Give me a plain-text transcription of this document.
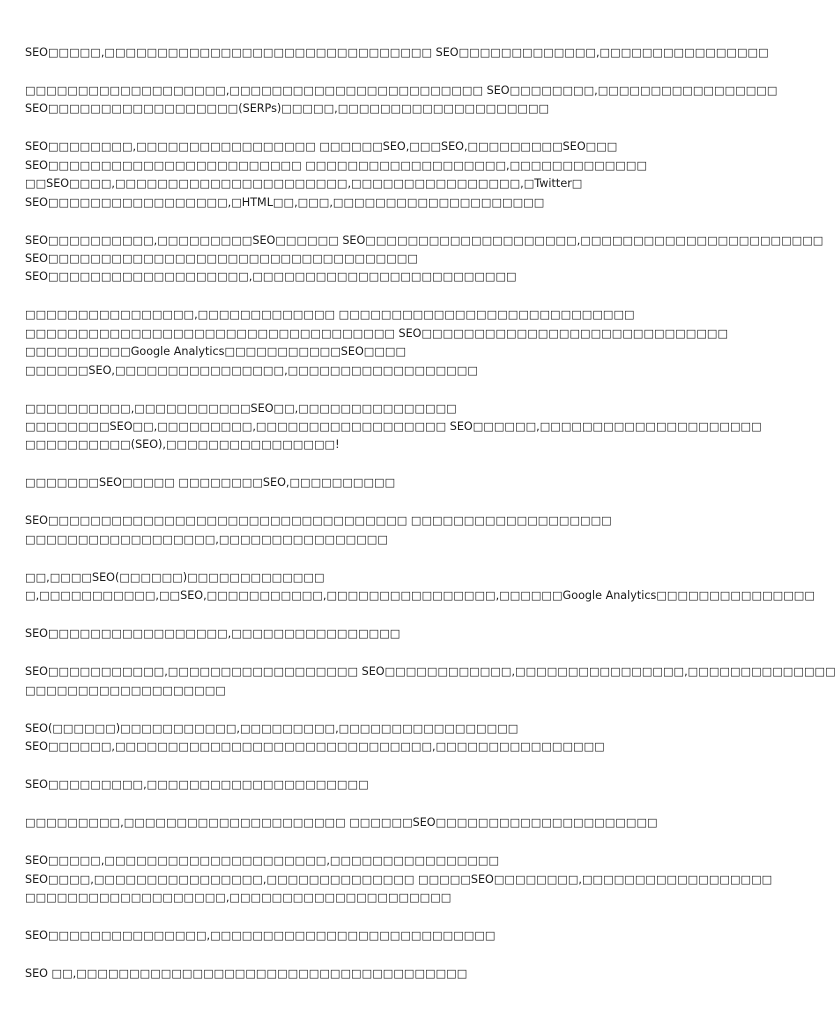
SEO□□□□□,□□□□□□□□□□□□□□□□□□□□□□□□□□□□□□□ SEO□□□□□□□□□□□□□,□□□□□□□□□□□□□□□□

□□□□□□□□□□□□□□□□□□□,□□□□□□□□□□□□□□□□□□□□□□□□ SEO□□□□□□□□,□□□□□□□□□□□□□□□□□
SEO□□□□□□□□□□□□□□□□□□(SERPs)□□□□□,□□□□□□□□□□□□□□□□□□□□

SEO□□□□□□□□,□□□□□□□□□□□□□□□□□ □□□□□□SEO,□□□SEO,□□□□□□□□□SEO□□□
SEO□□□□□□□□□□□□□□□□□□□□□□□□ □□□□□□□□□□□□□□□□□□□,□□□□□□□□□□□□□
□□SEO□□□□,□□□□□□□□□□□□□□□□□□□□□□,□□□□□□□□□□□□□□□□,□Twitter□
SEO□□□□□□□□□□□□□□□□□,□HTML□□,□□□,□□□□□□□□□□□□□□□□□□□□

SEO□□□□□□□□□□,□□□□□□□□□SEO□□□□□□ SEO□□□□□□□□□□□□□□□□□□□□,□□□□□□□□□□□□□□□□□□□□□□□
SEO□□□□□□□□□□□□□□□□□□□□□□□□□□□□□□□□□□□
SEO□□□□□□□□□□□□□□□□□□□,□□□□□□□□□□□□□□□□□□□□□□□□□

□□□□□□□□□□□□□□□□,□□□□□□□□□□□□□ □□□□□□□□□□□□□□□□□□□□□□□□□□□□
□□□□□□□□□□□□□□□□□□□□□□□□□□□□□□□□□□□ SEO□□□□□□□□□□□□□□□□□□□□□□□□□□□□□
□□□□□□□□□□Google Analytics□□□□□□□□□□□SEO□□□□
□□□□□□SEO,□□□□□□□□□□□□□□□□,□□□□□□□□□□□□□□□□□□

□□□□□□□□□□,□□□□□□□□□□□SEO□□,□□□□□□□□□□□□□□□
□□□□□□□□SEO□□,□□□□□□□□□,□□□□□□□□□□□□□□□□□□ SEO□□□□□□,□□□□□□□□□□□□□□□□□□□□□
□□□□□□□□□□(SEO),□□□□□□□□□□□□□□□□!

□□□□□□□SEO□□□□□ □□□□□□□□SEO,□□□□□□□□□□

SEO□□□□□□□□□□□□□□□□□□□□□□□□□□□□□□□□□□ □□□□□□□□□□□□□□□□□□□
□□□□□□□□□□□□□□□□□□,□□□□□□□□□□□□□□□□

□□,□□□□SEO(□□□□□□)□□□□□□□□□□□□□
□,□□□□□□□□□□□,□□SEO,□□□□□□□□□□□,□□□□□□□□□□□□□□□□,□□□□□□Google Analytics□□□□□□□□□□□□□□□

SEO□□□□□□□□□□□□□□□□□,□□□□□□□□□□□□□□□□

SEO□□□□□□□□□□□,□□□□□□□□□□□□□□□□□□ SEO□□□□□□□□□□□□,□□□□□□□□□□□□□□□□,□□□□□□□□□□□□□□
□□□□□□□□□□□□□□□□□□□

SEO(□□□□□□)□□□□□□□□□□□,□□□□□□□□□,□□□□□□□□□□□□□□□□□
SEO□□□□□□,□□□□□□□□□□□□□□□□□□□□□□□□□□□□□□,□□□□□□□□□□□□□□□□

SEO□□□□□□□□□,□□□□□□□□□□□□□□□□□□□□□

□□□□□□□□□,□□□□□□□□□□□□□□□□□□□□□ □□□□□□SEO□□□□□□□□□□□□□□□□□□□□□

SEO□□□□□,□□□□□□□□□□□□□□□□□□□□□,□□□□□□□□□□□□□□□□
SEO□□□□,□□□□□□□□□□□□□□□□,□□□□□□□□□□□□□□ □□□□□SEO□□□□□□□□,□□□□□□□□□□□□□□□□□□
□□□□□□□□□□□□□□□□□□□,□□□□□□□□□□□□□□□□□□□□□

SEO□□□□□□□□□□□□□□□,□□□□□□□□□□□□□□□□□□□□□□□□□□□

SEO □□,□□□□□□□□□□□□□□□□□□□□□□□□□□□□□□□□□□□□□
